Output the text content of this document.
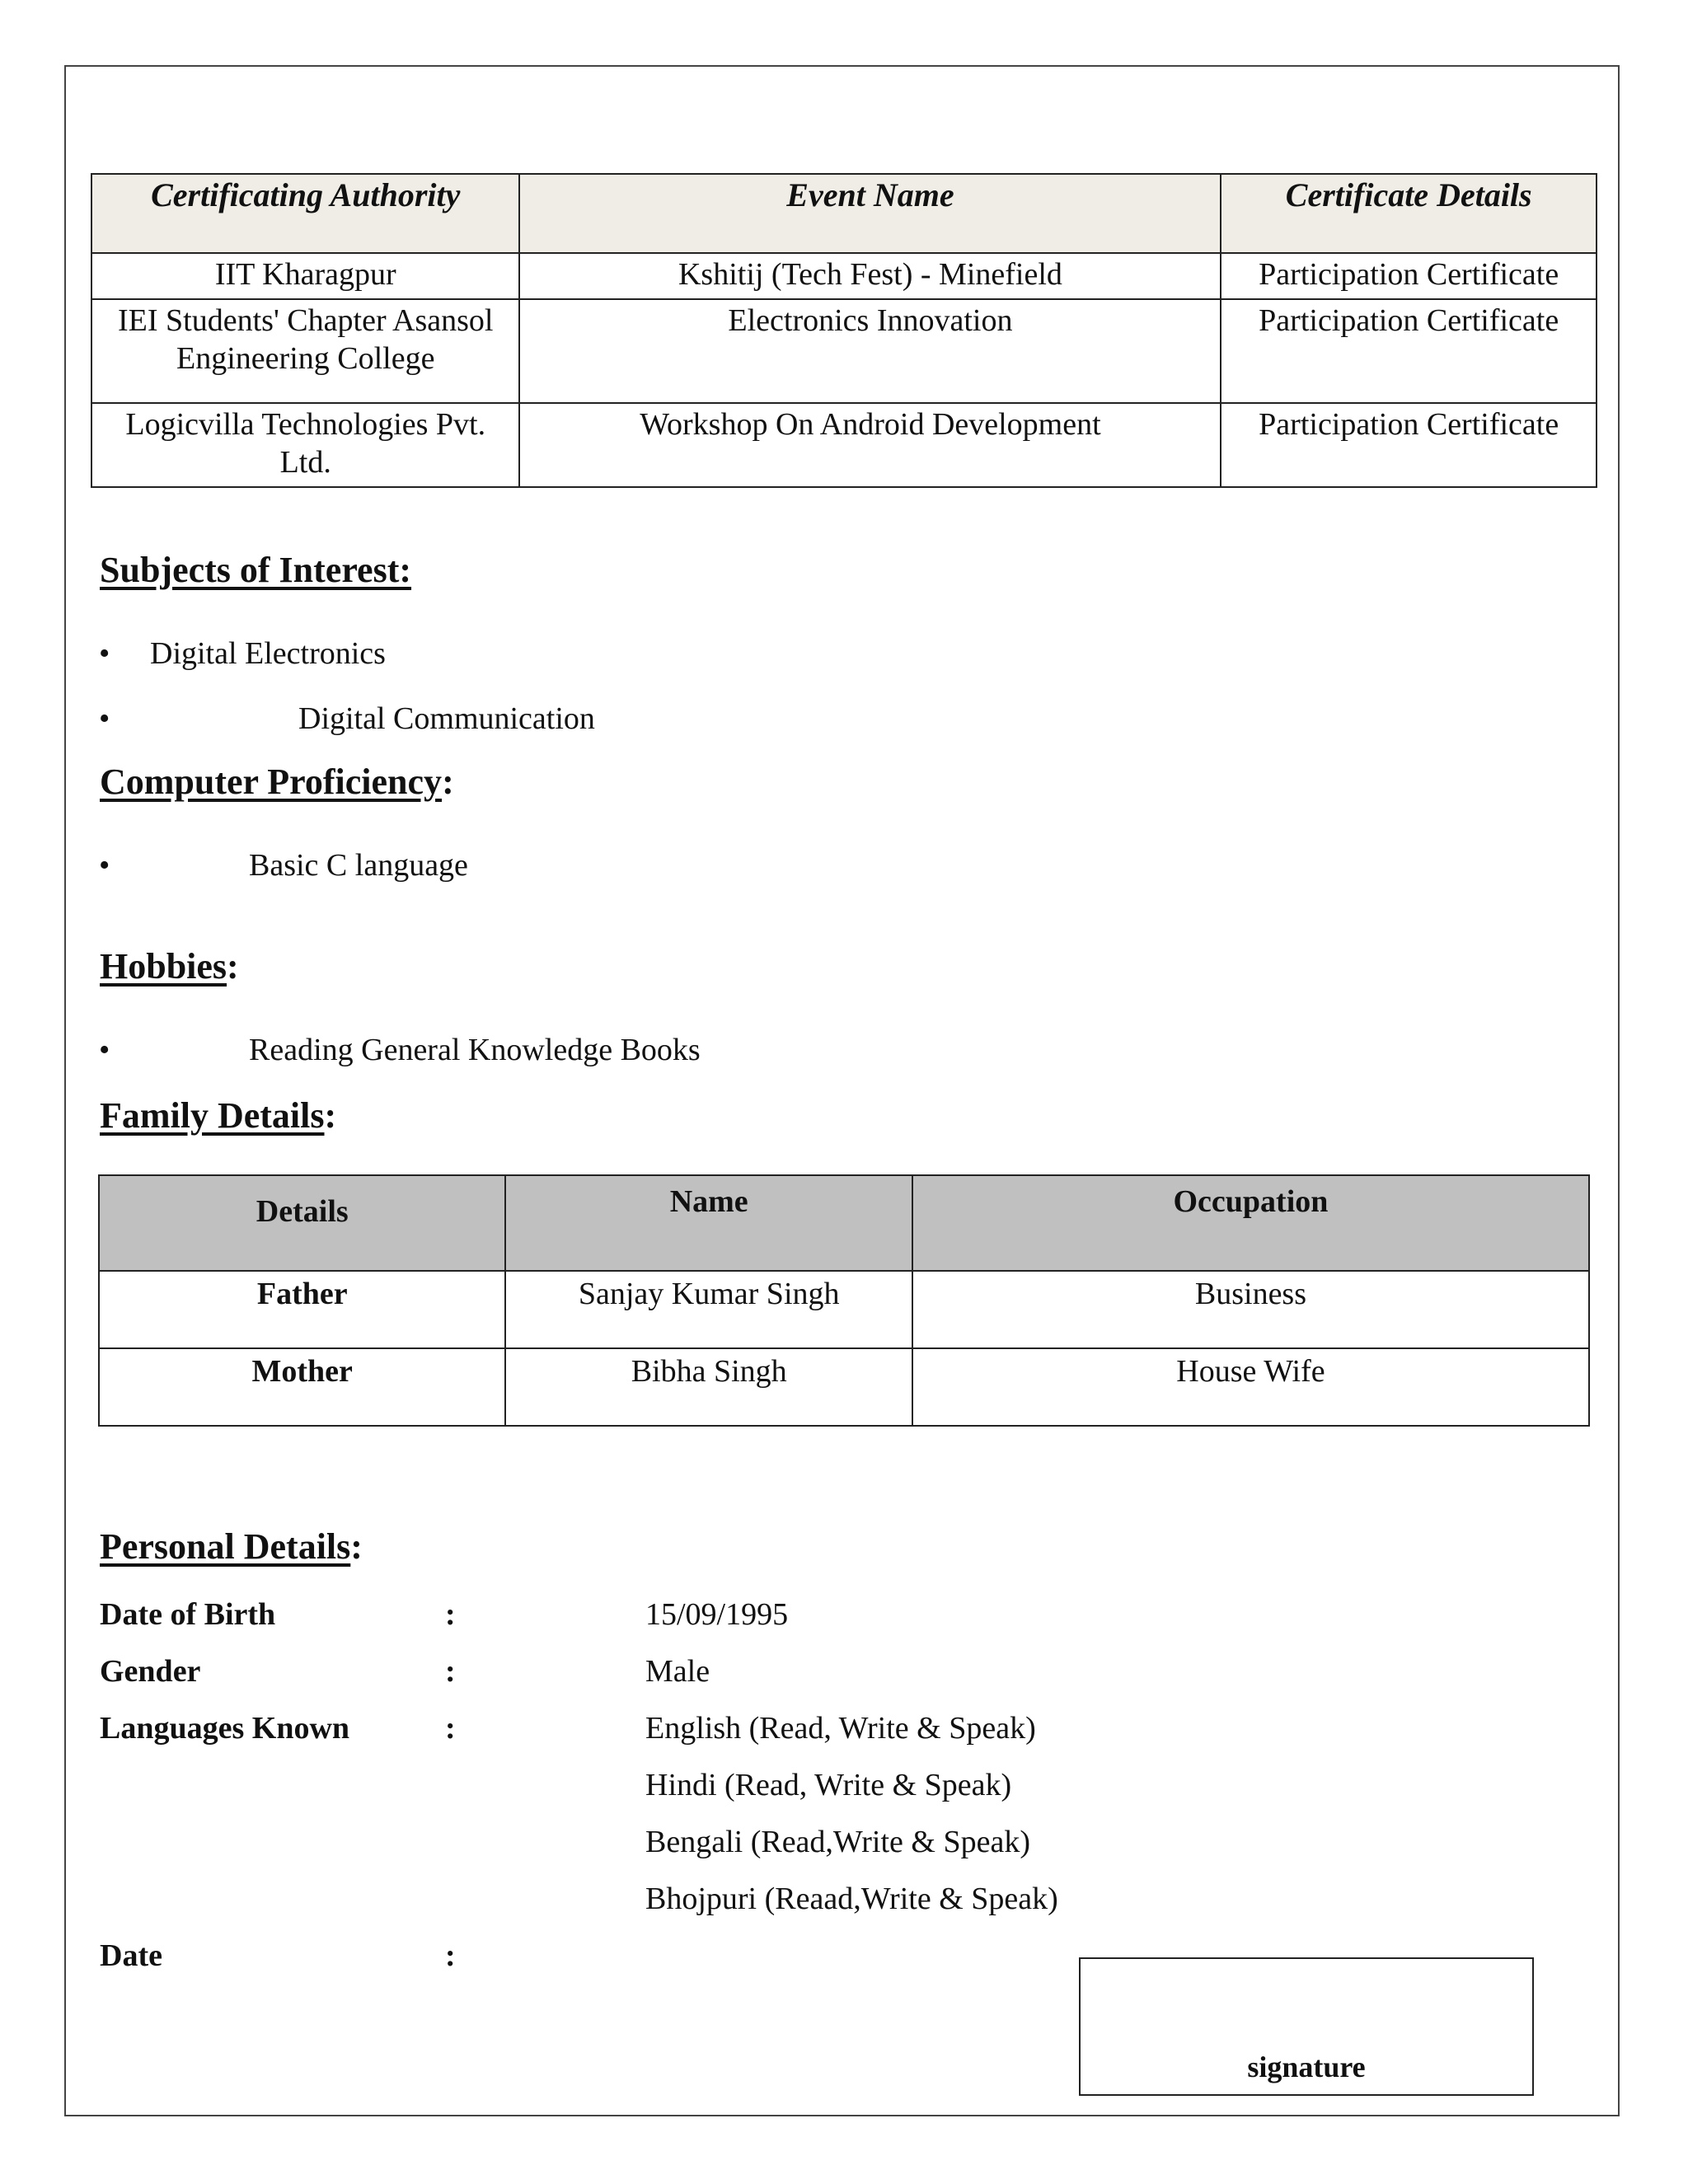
Certificating Authority	Event Name	Certificate Details
IIT Kharagpur	Kshitij (Tech Fest) - Minefield	Participation Certificate
IEI Students' Chapter Asansol Engineering College	Electronics Innovation	Participation Certificate
Logicvilla Technologies Pvt. Ltd.	Workshop On Android Development	Participation Certificate
Subjects of Interest:
• Digital Electronics
•	Digital Communication
Computer Proficiency:
•	Basic C language
Hobbies:
•	Reading General Knowledge Books
Family Details:
Details	Name	Occupation
Father	Sanjay Kumar Singh	Business
Mother	Bibha Singh	House Wife
Personal Details:
Date of Birth	:	15/09/1995
Gender	:	Male
Languages Known	:	English (Read, Write & Speak)
Hindi (Read, Write & Speak)
Bengali (Read,Write & Speak)
Bhojpuri (Reaad,Write & Speak)
Date	:
signature
